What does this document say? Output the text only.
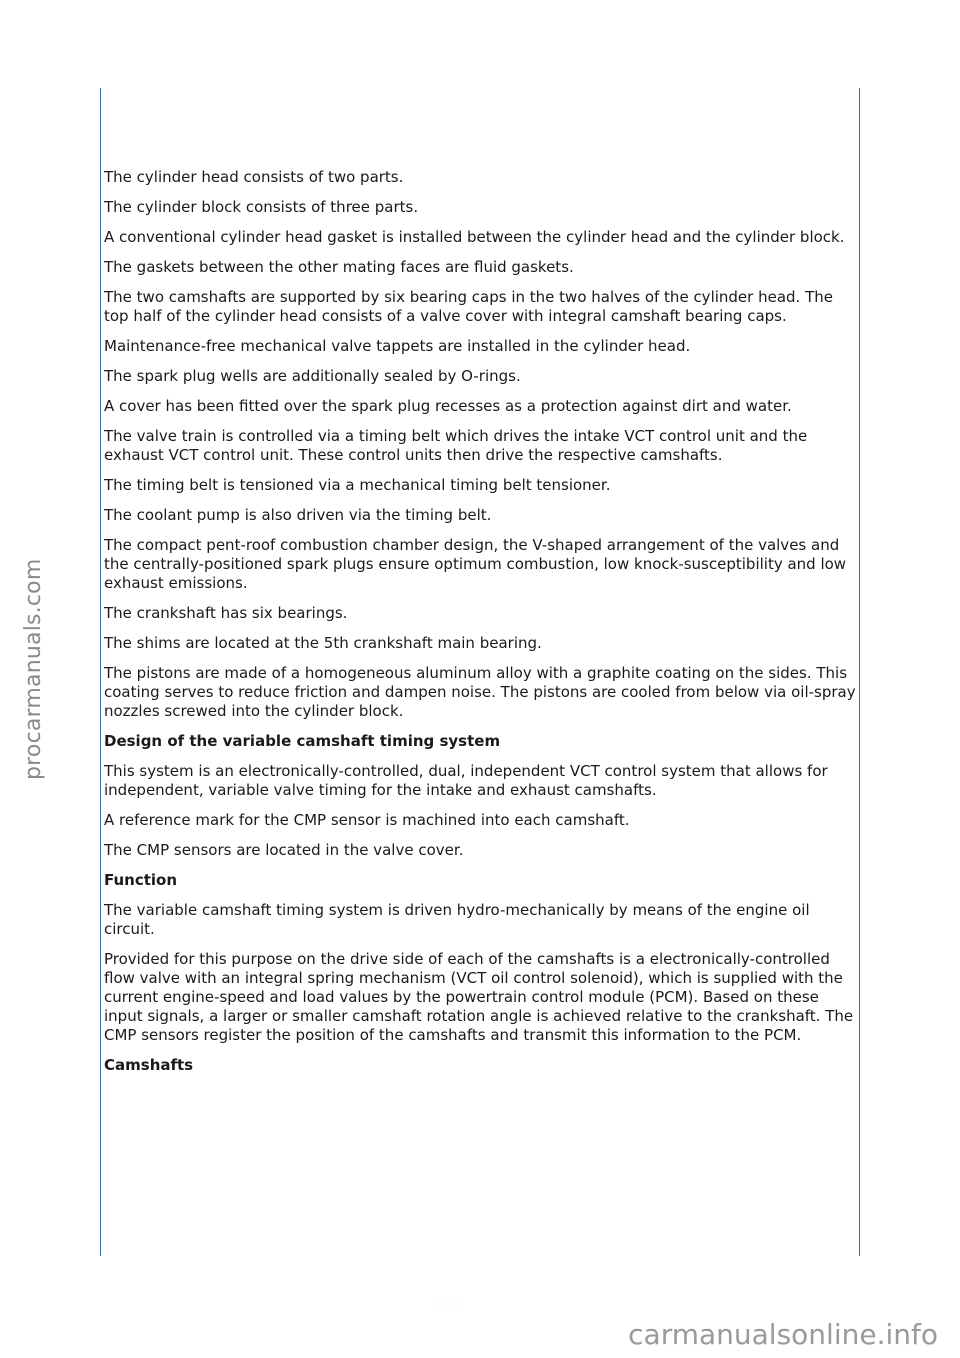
The cylinder head consists of two parts.

The cylinder block consists of three parts.

A conventional cylinder head gasket is installed between the cylinder head and the cylinder block.

The gaskets between the other mating faces are fluid gaskets.

The two camshafts are supported by six bearing caps in the two halves of the cylinder head. The top half of the cylinder head consists of a valve cover with integral camshaft bearing caps.

Maintenance-free mechanical valve tappets are installed in the cylinder head.

The spark plug wells are additionally sealed by O-rings.

A cover has been fitted over the spark plug recesses as a protection against dirt and water.

The valve train is controlled via a timing belt which drives the intake VCT control unit and the exhaust VCT control unit. These control units then drive the respective camshafts.

The timing belt is tensioned via a mechanical timing belt tensioner.

The coolant pump is also driven via the timing belt.

The compact pent-roof combustion chamber design, the V-shaped arrangement of the valves and the centrally-positioned spark plugs ensure optimum combustion, low knock-susceptibility and low exhaust emissions.

The crankshaft has six bearings.

The shims are located at the 5th crankshaft main bearing.

The pistons are made of a homogeneous aluminum alloy with a graphite coating on the sides. This coating serves to reduce friction and dampen noise. The pistons are cooled from below via oil-spray nozzles screwed into the cylinder block.

Design of the variable camshaft timing system

This system is an electronically-controlled, dual, independent VCT control system that allows for independent, variable valve timing for the intake and exhaust camshafts.

A reference mark for the CMP sensor is machined into each camshaft.

The CMP sensors are located in the valve cover.

Function

The variable camshaft timing system is driven hydro-mechanically by means of the engine oil circuit.

Provided for this purpose on the drive side of each of the camshafts is a electronically-controlled flow valve with an integral spring mechanism (VCT oil control solenoid), which is supplied with the current engine-speed and load values by the powertrain control module (PCM). Based on these input signals, a larger or smaller camshaft rotation angle is achieved relative to the crankshaft. The CMP sensors register the position of the camshafts and transmit this information to the PCM.

Camshafts

· · · · ·
procarmanuals.com
carmanualsonline.info
